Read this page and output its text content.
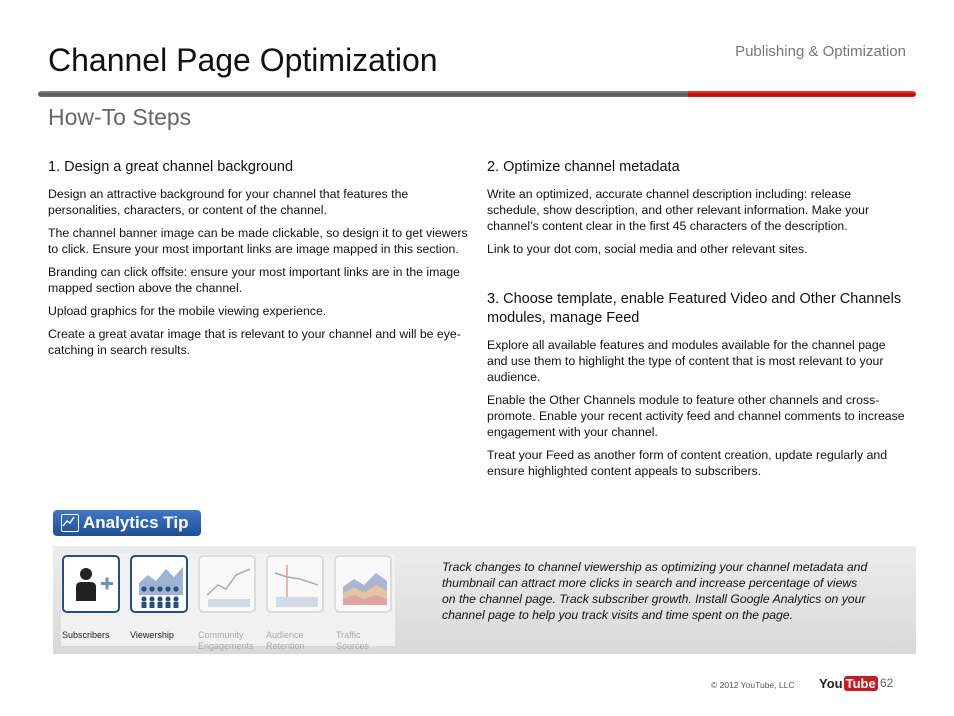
Publishing & Optimization
Channel Page Optimization
How-To Steps
1. Design a great channel background

Design an attractive background for your channel that features the personalities, characters, or content of the channel.

The channel banner image can be made clickable, so design it to get viewers to click. Ensure your most important links are image mapped in this section.

Branding can click offsite: ensure your most important links are in the image mapped section above the channel.

Upload graphics for the mobile viewing experience.

Create a great avatar image that is relevant to your channel and will be eye-catching in search results.

2. Optimize channel metadata

Write an optimized, accurate channel description including: release schedule, show description, and other relevant information. Make your channel’s content clear in the first 45 characters of the description.

Link to your dot com, social media and other relevant sites.

3. Choose template, enable Featured Video and Other Channels modules, manage Feed

Explore all available features and modules available for the channel page and use them to highlight the type of content that is most relevant to your audience.

Enable the Other Channels module to feature other channels and cross-promote. Enable your recent activity feed and channel comments to increase engagement with your channel.

Treat your Feed as another form of content creation, update regularly and ensure highlighted content appeals to subscribers.

Analytics Tip
Subscribers Viewership	Community
Engagements
Audience
Retention
Traffic
Sources
Track changes to channel viewership as optimizing your channel metadata and thumbnail can attract more clicks in search and increase percentage of views on the channel page. Track subscriber growth. Install Google Analytics on your channel page to help you track visits and time spent on the page.
© 2012 YouTube, LLC You Tube 62
